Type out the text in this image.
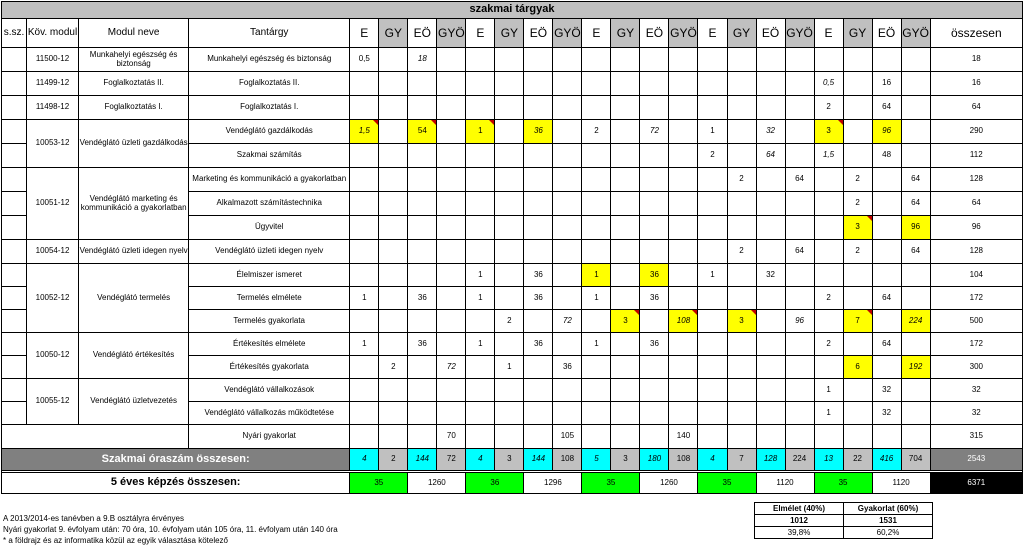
szakmai tárgyak																								
s.sz.	Köv. modul	Modul neve	Tantárgy	E	GY	EÖ	GYÖ	E	GY	EÖ	GYÖ	E	GY	EÖ	GYÖ	E	GY	EÖ	GYÖ	E	GY	EÖ	GYÖ	összesen
	11500-12	Munkahelyi egészség és biztonság	Munkahelyi egészség és biztonság	0,5		18																		18
	11499-12	Foglalkoztatás II.	Foglalkoztatás II.																	0,5		16		16
	11498-12	Foglalkoztatás I.	Foglalkoztatás I.																	2		64		64
	10053-12	Vendéglátó üzleti gazdálkodás	Vendéglátó gazdálkodás	1,5		54		1		36		2		72		1		32		3		96		290
			Szakmai számítás													2		64		1,5		48		112
	10051-12	Vendéglátó marketing és kommunikáció a gyakorlatban	Marketing és kommunikáció a gyakorlatban														2		64		2		64	128
			Alkalmazott számítástechnika																		2		64	64
			Ügyvitel																		3		96	96
	10054-12	Vendéglátó üzleti idegen nyelv	Vendéglátó üzleti idegen nyelv														2		64		2		64	128
	10052-12	Vendéglátó termelés	Élelmiszer ismeret					1		36		1		36		1		32						104
			Termelés elmélete	1		36		1		36		1		36						2		64		172
			Termelés gyakorlata						2		72		3		108		3		96		7		224	500
	10050-12	Vendéglátó értékesítés	Értékesítés elmélete	1		36		1		36		1		36						2		64		172
			Értékesítés gyakorlata		2		72		1		36										6		192	300
	10055-12	Vendéglátó üzletvezetés	Vendéglátó vállalkozások																	1		32		32
			Vendéglátó vállalkozás működtetése																	1		32		32
			Nyári gyakorlat				70				105				140									315
Szakmai óraszám összesen:				4	2	144	72	4	3	144	108	5	3	180	108	4	7	128	224	13	22	416	704	2543

5 éves képzés összesen:				35		1260		36		1296		35		1260		35		1120		35		1120		6371
A 2013/2014-es tanévben a 9.B osztályra érvényes
Nyári gyakorlat 9. évfolyam után: 70 óra, 10. évfolyam után 105 óra, 11. évfolyam után 140 óra
* a földrajz és az informatika közül az egyik választása kötelező
Elmélet (40%)	Gyakorlat (60%)
1012	1531
39,8%	60,2%
